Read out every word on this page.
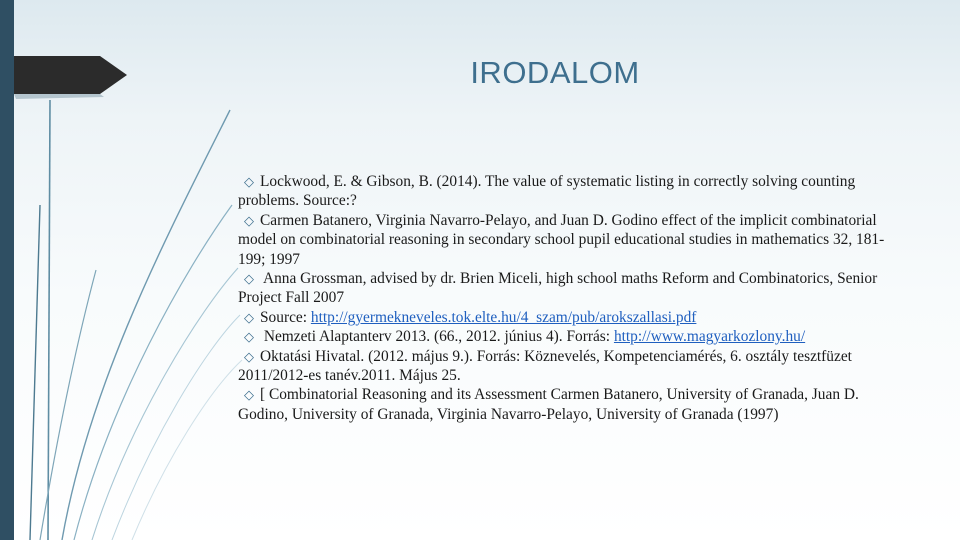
IRODALOM

◇ Lockwood, E. & Gibson, B. (2014). The value of systematic listing in correctly solving counting problems. Source:?

◇ Carmen Batanero, Virginia Navarro-Pelayo, and Juan D. Godino effect of the implicit combinatorial model on combinatorial reasoning in secondary school pupil educational studies in mathematics 32, 181-199; 1997

◇ Anna Grossman, advised by dr. Brien Miceli, high school maths Reform and Combinatorics, Senior Project Fall 2007

◇ Source: http://gyermekneveles.tok.elte.hu/4_szam/pub/arokszallasi.pdf

◇ Nemzeti Alaptanterv 2013. (66., 2012. június 4). Forrás: http://www.magyarkozlony.hu/

◇ Oktatási Hivatal. (2012. május 9.). Forrás: Köznevelés, Kompetenciamérés, 6. osztály tesztfüzet 2011/2012-es tanév.2011. Május 25.

◇ [ Combinatorial Reasoning and its Assessment Carmen Batanero, University of Granada, Juan D. Godino, University of Granada, Virginia Navarro-Pelayo, University of Granada (1997)
